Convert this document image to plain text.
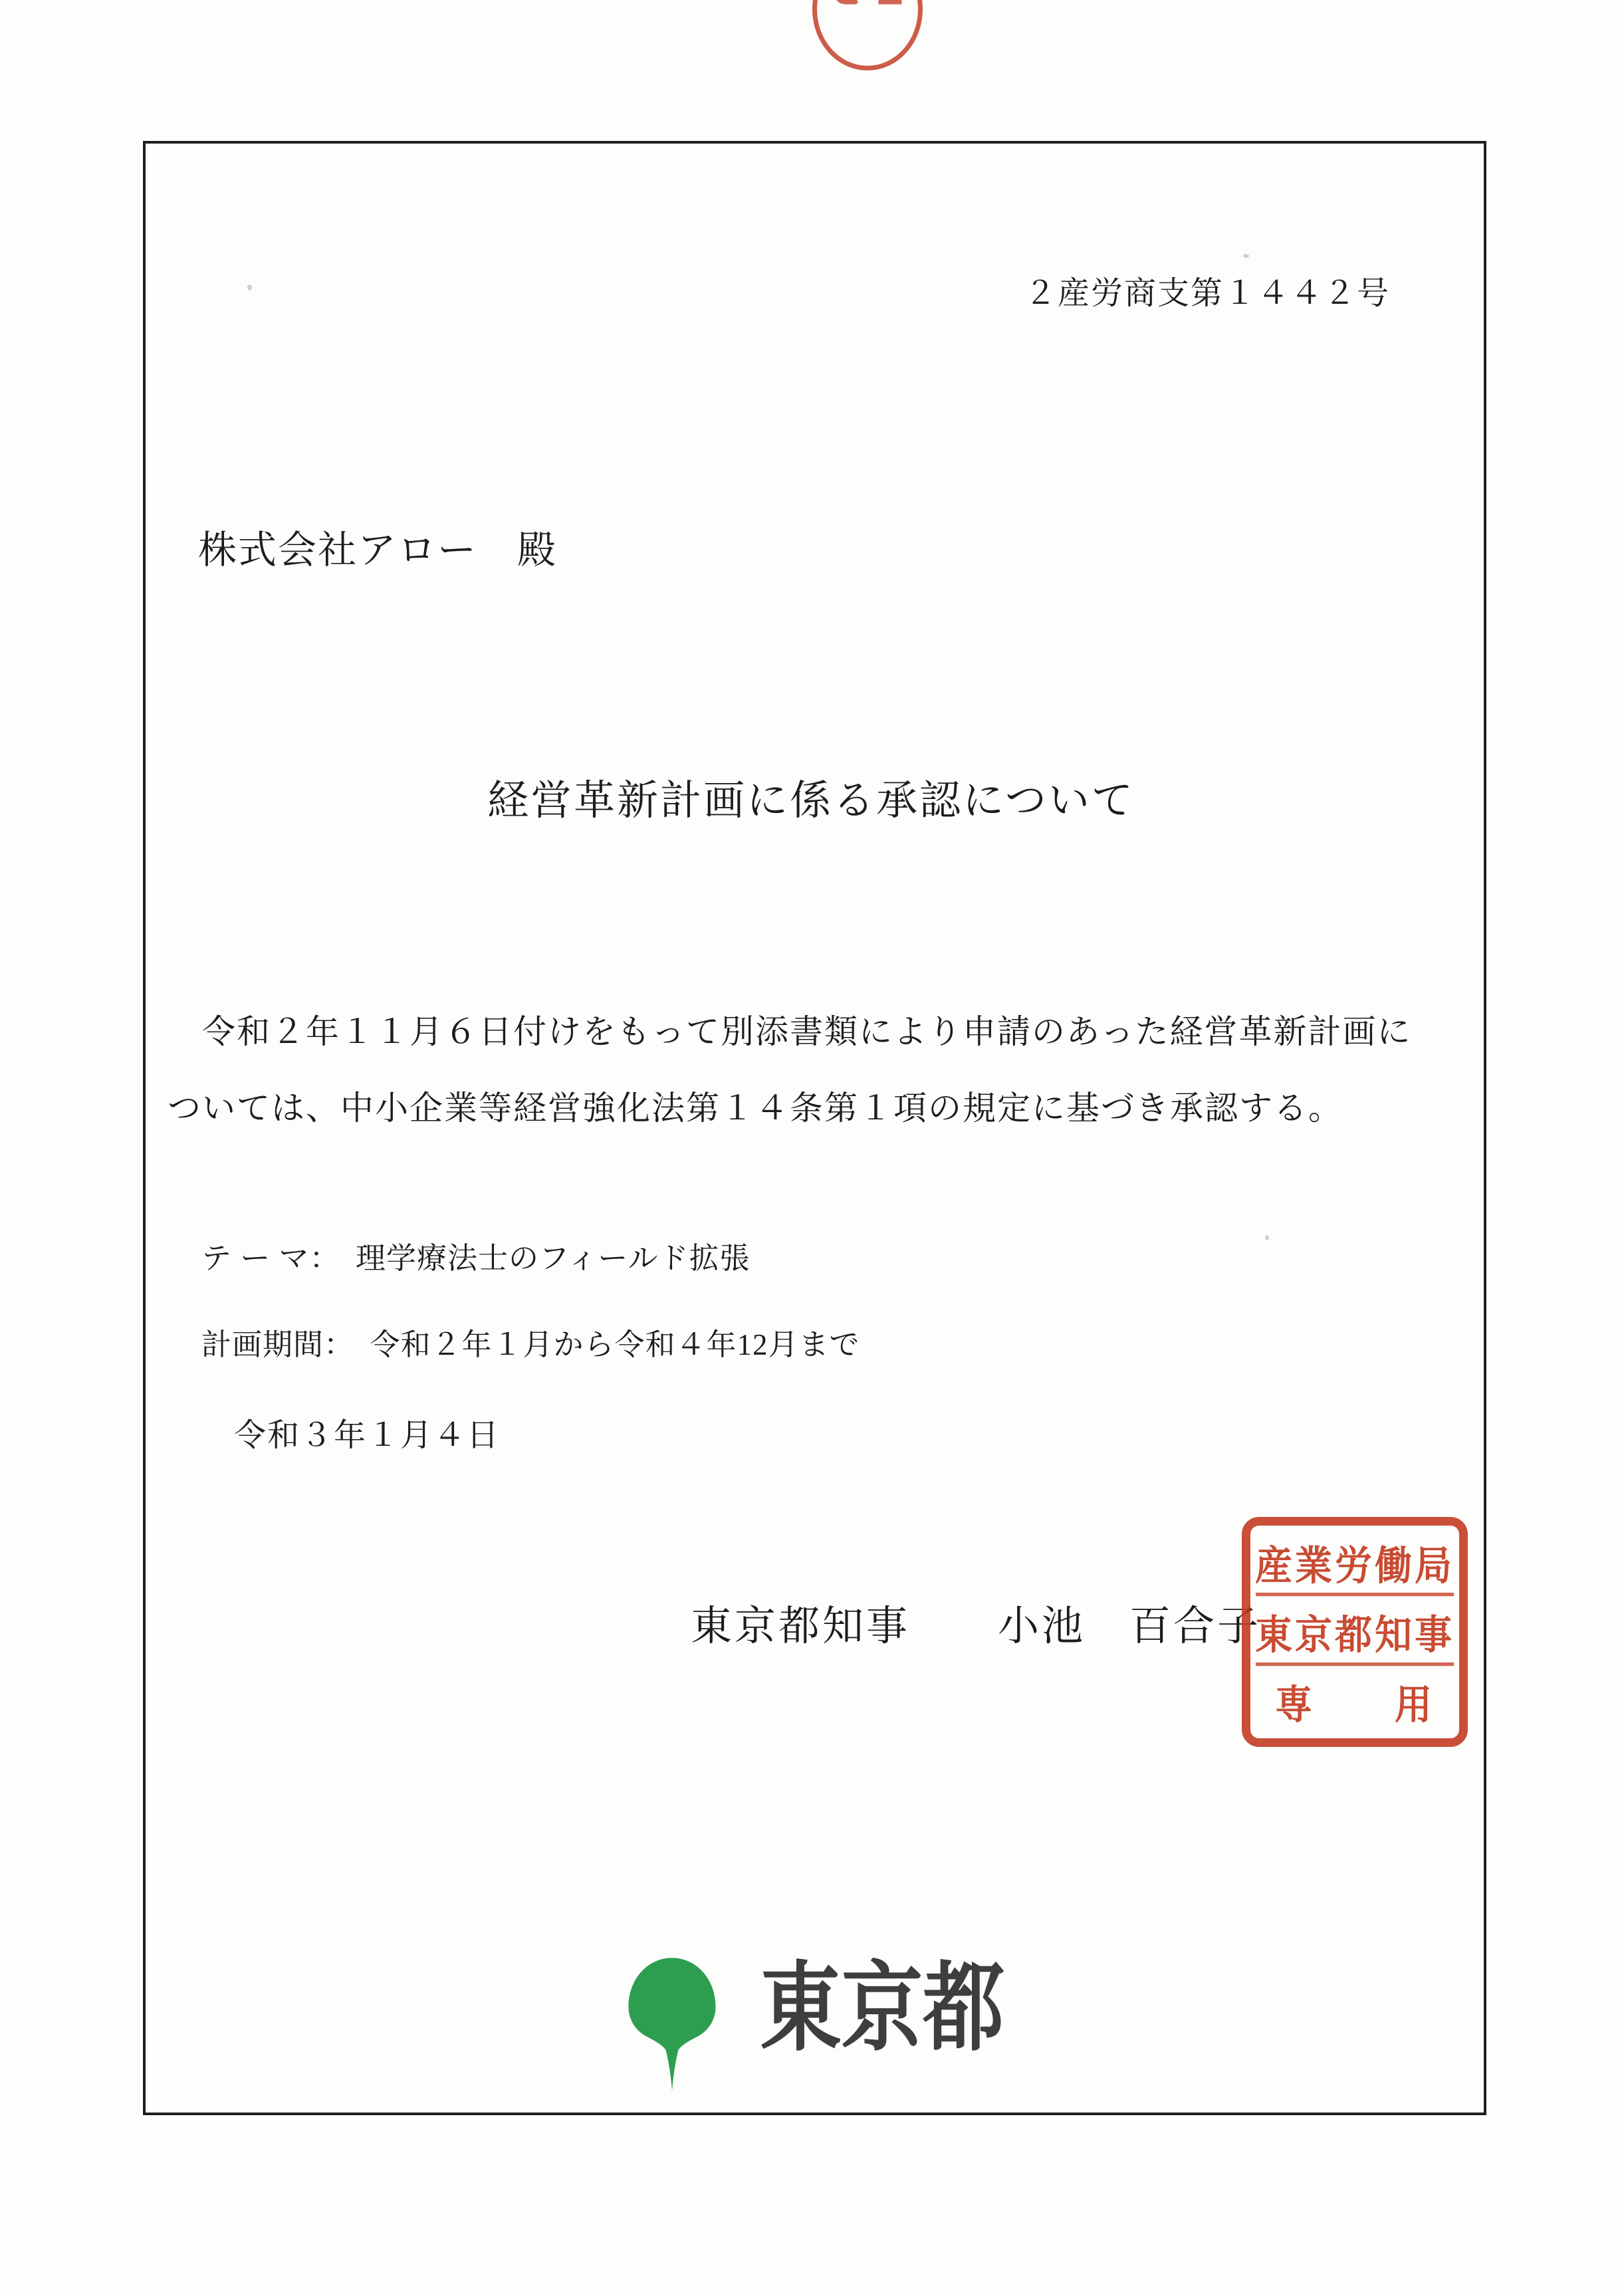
２産労商支第１４４２号
株式会社アロー　殿
経営革新計画に係る承認について
　令和２年１１月６日付けをもって別添書類により申請のあった経営革新計画に
ついては、中小企業等経営強化法第１４条第１項の規定に基づき承認する。
テ ー マ：　理学療法士のフィールド拡張
計画期間：　令和２年１月から令和４年12月まで
令和３年１月４日
東京都知事　　小池　百合子
産業労働局
東京都知事
専　　用
東京都
